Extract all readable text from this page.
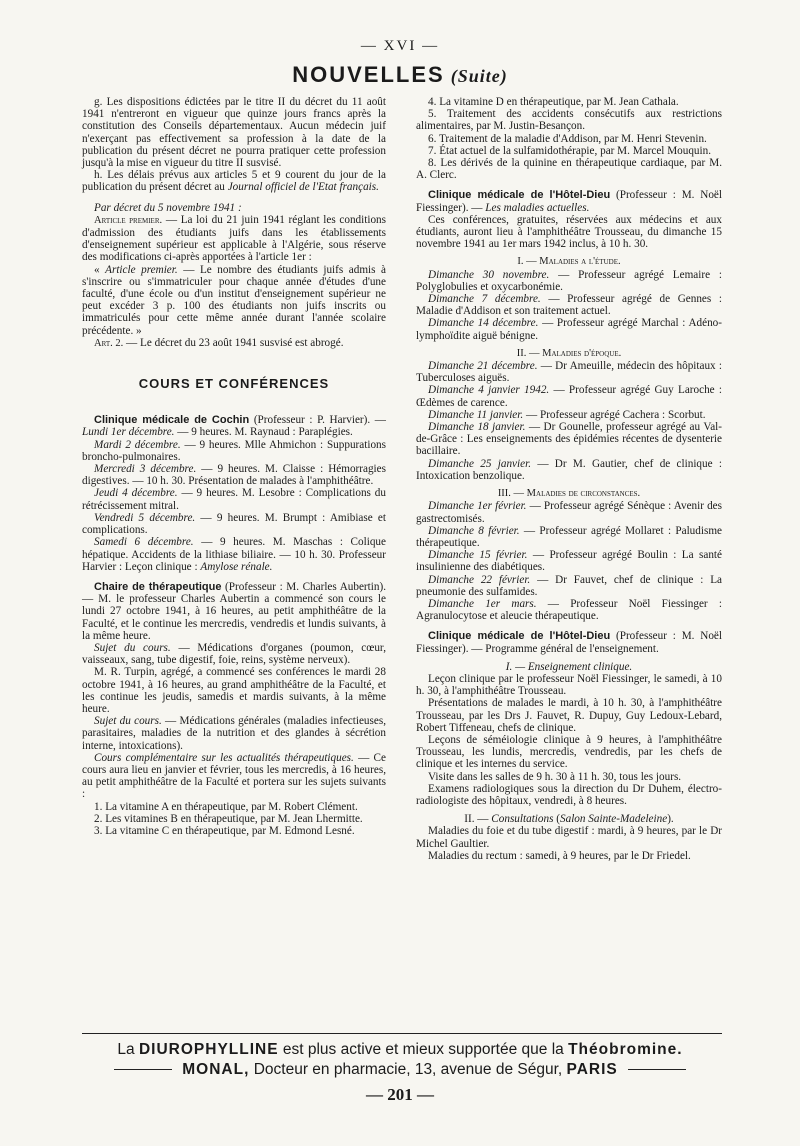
— XVI —
NOUVELLES (Suite)

g. Les dispositions édictées par le titre II du décret du 11 août 1941 n'entreront en vigueur que quinze jours francs après la constitution des Conseils départementaux. Aucun médecin juif n'exerçant pas effectivement sa profession à la date de la publication du présent décret ne pourra pratiquer cette profession jusqu'à la mise en vigueur du titre II susvisé.

h. Les délais prévus aux articles 5 et 9 courent du jour de la publication du présent décret au Journal officiel de l'Etat français.

Par décret du 5 novembre 1941 :

Article premier. — La loi du 21 juin 1941 réglant les conditions d'admission des étudiants juifs dans les établissements d'enseignement supérieur est applicable à l'Algérie, sous réserve des modifications ci-après apportées à l'article 1er :

« Article premier. — Le nombre des étudiants juifs admis à s'inscrire ou s'immatriculer pour chaque année d'études d'une faculté, d'une école ou d'un institut d'enseignement supérieur ne peut excéder 3 p. 100 des étudiants non juifs inscrits ou immatriculés pour cette même année durant l'année scolaire précédente. »

Art. 2. — Le décret du 23 août 1941 susvisé est abrogé.

COURS ET CONFÉRENCES

Clinique médicale de Cochin (Professeur : P. Harvier). — Lundi 1er décembre. — 9 heures. M. Raynaud : Paraplégies.

Mardi 2 décembre. — 9 heures. Mlle Ahmichon : Suppurations broncho-pulmonaires.

Mercredi 3 décembre. — 9 heures. M. Claisse : Hémorragies digestives. — 10 h. 30. Présentation de malades à l'amphithéâtre.

Jeudi 4 décembre. — 9 heures. M. Lesobre : Complications du rétrécissement mitral.

Vendredi 5 décembre. — 9 heures. M. Brumpt : Amibiase et complications.

Samedi 6 décembre. — 9 heures. M. Maschas : Colique hépatique. Accidents de la lithiase biliaire. — 10 h. 30. Professeur Harvier : Leçon clinique : Amylose rénale.

Chaire de thérapeutique (Professeur : M. Charles Aubertin). — M. le professeur Charles Aubertin a commencé son cours le lundi 27 octobre 1941, à 16 heures, au petit amphithéâtre de la Faculté, et le continue les mercredis, vendredis et lundis suivants, à la même heure.

Sujet du cours. — Médications d'organes (poumon, cœur, vaisseaux, sang, tube digestif, foie, reins, système nerveux).

M. R. Turpin, agrégé, a commencé ses conférences le mardi 28 octobre 1941, à 16 heures, au grand amphithéâtre de la Faculté, et les continue les jeudis, samedis et mardis suivants, à la même heure.

Sujet du cours. — Médications générales (maladies infectieuses, parasitaires, maladies de la nutrition et des glandes à sécrétion interne, intoxications).

Cours complémentaire sur les actualités thérapeutiques. — Ce cours aura lieu en janvier et février, tous les mercredis, à 16 heures, au petit amphithéâtre de la Faculté et portera sur les sujets suivants :

1. La vitamine A en thérapeutique, par M. Robert Clément.

2. Les vitamines B en thérapeutique, par M. Jean Lhermitte.

3. La vitamine C en thérapeutique, par M. Edmond Lesné.

4. La vitamine D en thérapeutique, par M. Jean Cathala.

5. Traitement des accidents consécutifs aux restrictions alimentaires, par M. Justin-Besançon.

6. Traitement de la maladie d'Addison, par M. Henri Stevenin.

7. État actuel de la sulfamidothérapie, par M. Marcel Mouquin.

8. Les dérivés de la quinine en thérapeutique cardiaque, par M. A. Clerc.

Clinique médicale de l'Hôtel-Dieu (Professeur : M. Noël Fiessinger). — Les maladies actuelles.

Ces conférences, gratuites, réservées aux médecins et aux étudiants, auront lieu à l'amphithéâtre Trousseau, du dimanche 15 novembre 1941 au 1er mars 1942 inclus, à 10 h. 30.

I. — Maladies a l'étude.

Dimanche 30 novembre. — Professeur agrégé Lemaire : Polyglobulies et oxycarbonémie.

Dimanche 7 décembre. — Professeur agrégé de Gennes : Maladie d'Addison et son traitement actuel.

Dimanche 14 décembre. — Professeur agrégé Marchal : Adéno-lymphoïdite aiguë bénigne.

II. — Maladies d'époque.

Dimanche 21 décembre. — Dr Ameuille, médecin des hôpitaux : Tuberculoses aiguës.

Dimanche 4 janvier 1942. — Professeur agrégé Guy Laroche : Œdèmes de carence.

Dimanche 11 janvier. — Professeur agrégé Cachera : Scorbut.

Dimanche 18 janvier. — Dr Gounelle, professeur agrégé au Val-de-Grâce : Les enseignements des épidémies récentes de dysenterie bacillaire.

Dimanche 25 janvier. — Dr M. Gautier, chef de clinique : Intoxication benzolique.

III. — Maladies de circonstances.

Dimanche 1er février. — Professeur agrégé Sénèque : Avenir des gastrectomisés.

Dimanche 8 février. — Professeur agrégé Mollaret : Paludisme thérapeutique.

Dimanche 15 février. — Professeur agrégé Boulin : La santé insulinienne des diabétiques.

Dimanche 22 février. — Dr Fauvet, chef de clinique : La pneumonie des sulfamides.

Dimanche 1er mars. — Professeur Noël Fiessinger : Agranulocytose et aleucie thérapeutique.

Clinique médicale de l'Hôtel-Dieu (Professeur : M. Noël Fiessinger). — Programme général de l'enseignement.

I. — Enseignement clinique.

Leçon clinique par le professeur Noël Fiessinger, le samedi, à 10 h. 30, à l'amphithéâtre Trousseau.

Présentations de malades le mardi, à 10 h. 30, à l'amphithéâtre Trousseau, par les Drs J. Fauvet, R. Dupuy, Guy Ledoux-Lebard, Robert Tiffeneau, chefs de clinique.

Leçons de séméiologie clinique à 9 heures, à l'amphithéâtre Trousseau, les lundis, mercredis, vendredis, par les chefs de clinique et les internes du service.

Visite dans les salles de 9 h. 30 à 11 h. 30, tous les jours.

Examens radiologiques sous la direction du Dr Duhem, électro-radiologiste des hôpitaux, vendredi, à 8 heures.

II. — Consultations (Salon Sainte-Madeleine).

Maladies du foie et du tube digestif : mardi, à 9 heures, par le Dr Michel Gaultier.

Maladies du rectum : samedi, à 9 heures, par le Dr Friedel.

La DIUROPHYLLINE est plus active et mieux supportée que la Théobromine.
MONAL, Docteur en pharmacie, 13, avenue de Ségur, PARIS
— 201 —
